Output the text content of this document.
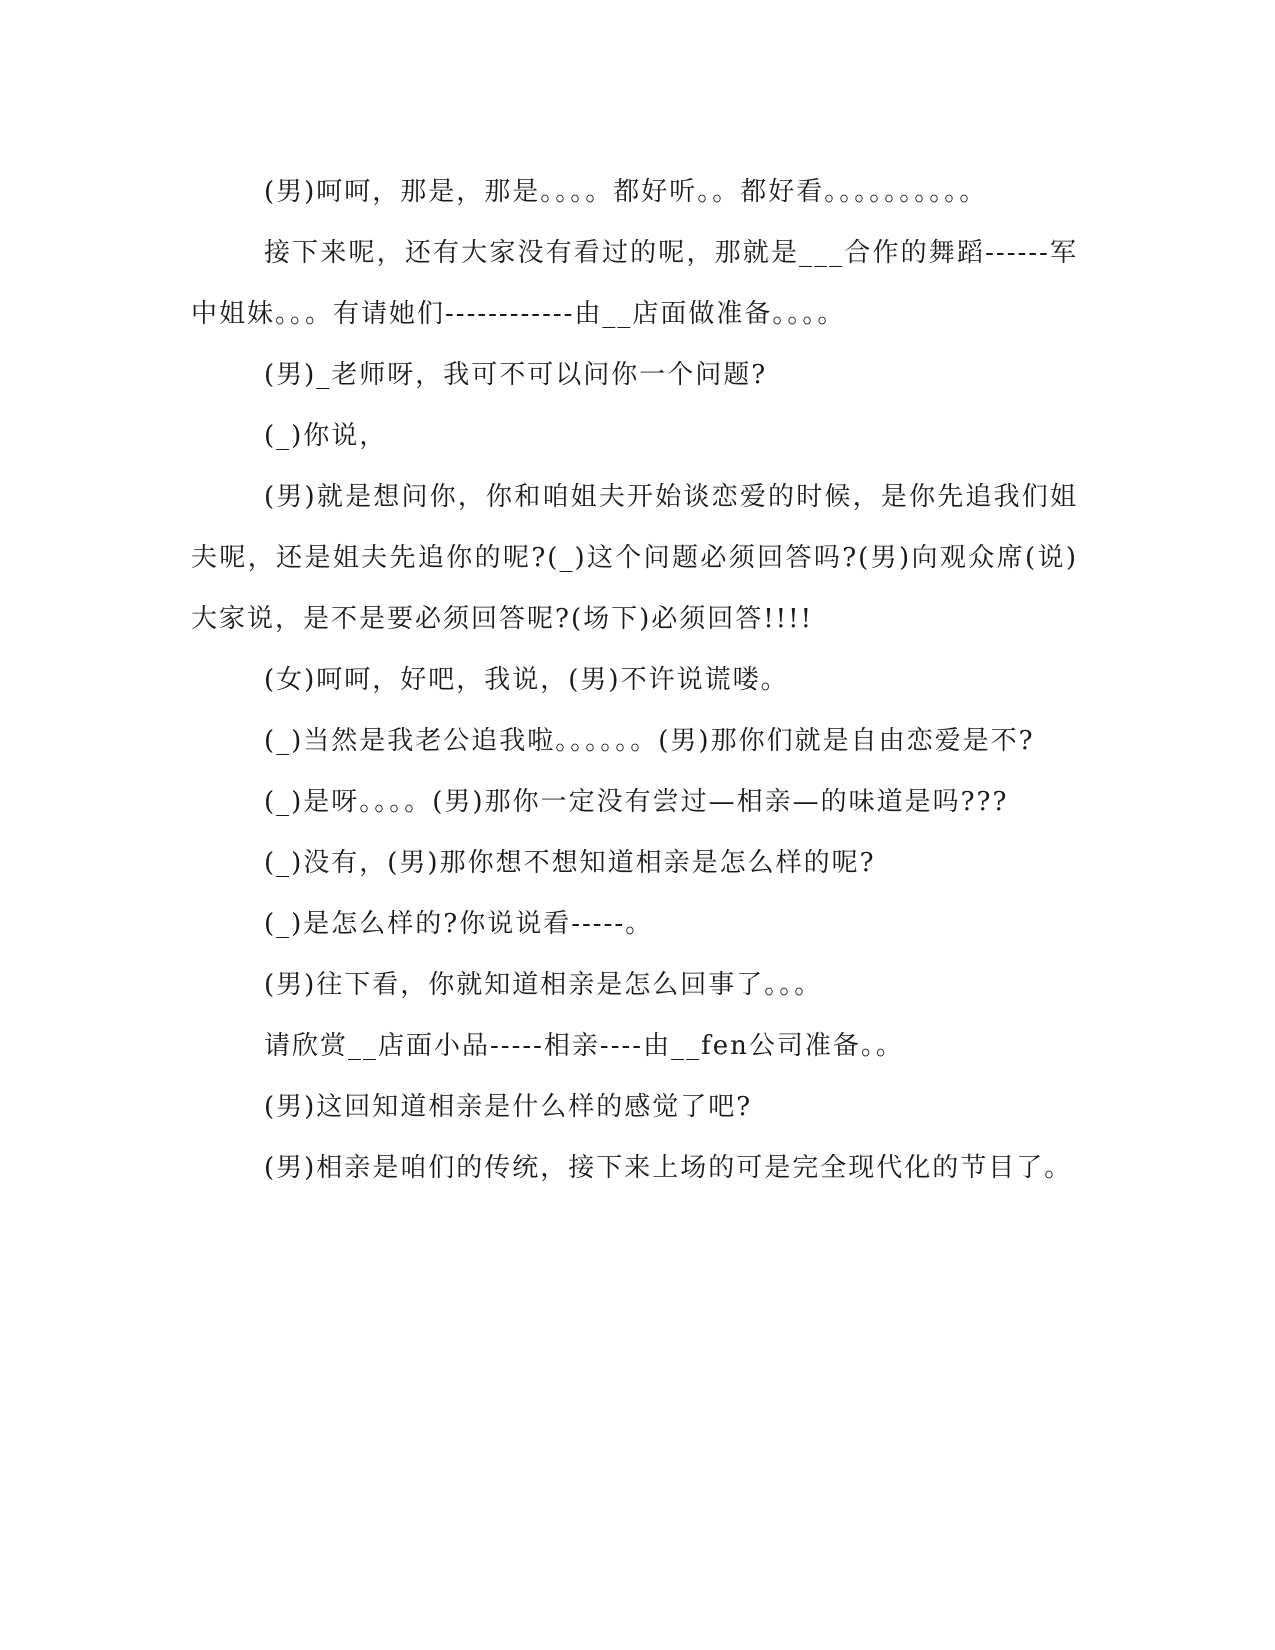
(男)呵呵，那是，那是。。。。都好听。。都好看。。。。。。。。。。

接下来呢，还有大家没有看过的呢，那就是___合作的舞蹈------军中姐妹。。。有请她们------------由__店面做准备。。。。

(男)_老师呀，我可不可以问你一个问题?

(_)你说，

(男)就是想问你，你和咱姐夫开始谈恋爱的时候，是你先追我们姐夫呢，还是姐夫先追你的呢?(_)这个问题必须回答吗?(男)向观众席(说)大家说，是不是要必须回答呢?(场下)必须回答!!!!

(女)呵呵，好吧，我说，(男)不许说谎喽。

(_)当然是我老公追我啦。。。。。。(男)那你们就是自由恋爱是不?

(_)是呀。。。。(男)那你一定没有尝过—相亲—的味道是吗???

(_)没有，(男)那你想不想知道相亲是怎么样的呢?

(_)是怎么样的?你说说看-----。

(男)往下看，你就知道相亲是怎么回事了。。。

请欣赏__店面小品-----相亲----由__fen公司准备。。

(男)这回知道相亲是什么样的感觉了吧?

(男)相亲是咱们的传统，接下来上场的可是完全现代化的节目了。
